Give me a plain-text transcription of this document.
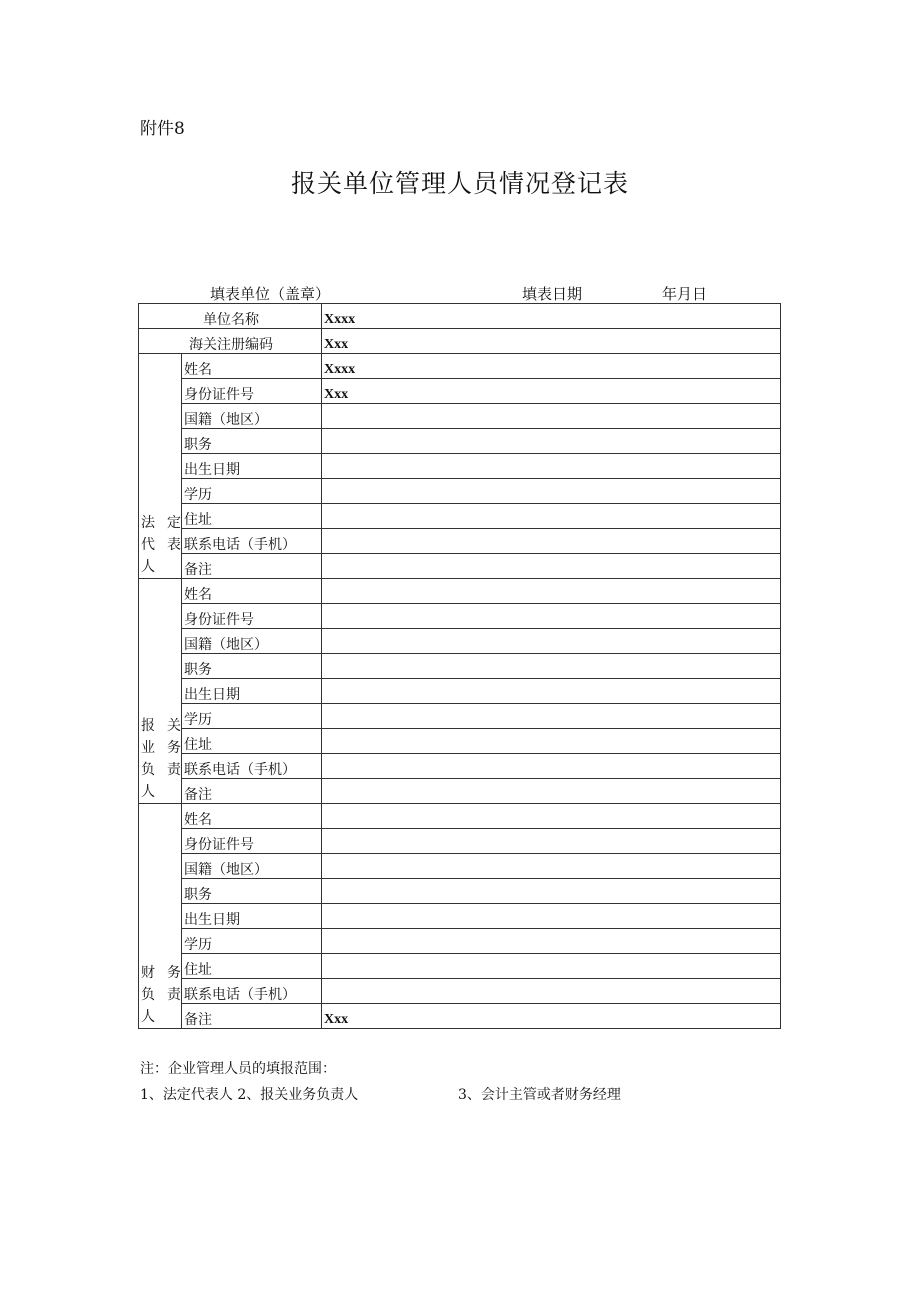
附件8
报关单位管理人员情况登记表
填表单位（盖章）	填表日期	年月日
单位名称		Xxxx
海关注册编码		Xxx
法定代表人	姓名	Xxxx
	身份证件号	Xxx
	国籍（地区）	
	职务	
	出生日期	
	学历	
	住址	
	联系电话（手机）	
	备注	
报关业务负责人	姓名	
	身份证件号	
	国籍（地区）	
	职务	
	出生日期	
	学历	
	住址	
	联系电话（手机）	
	备注	
财务负责人	姓名	
	身份证件号	
	国籍（地区）	
	职务	
	出生日期	
	学历	
	住址	
	联系电话（手机）	
	备注	Xxx
注：企业管理人员的填报范围：
1、法定代表人 2、报关业务负责人	3、会计主管或者财务经理
